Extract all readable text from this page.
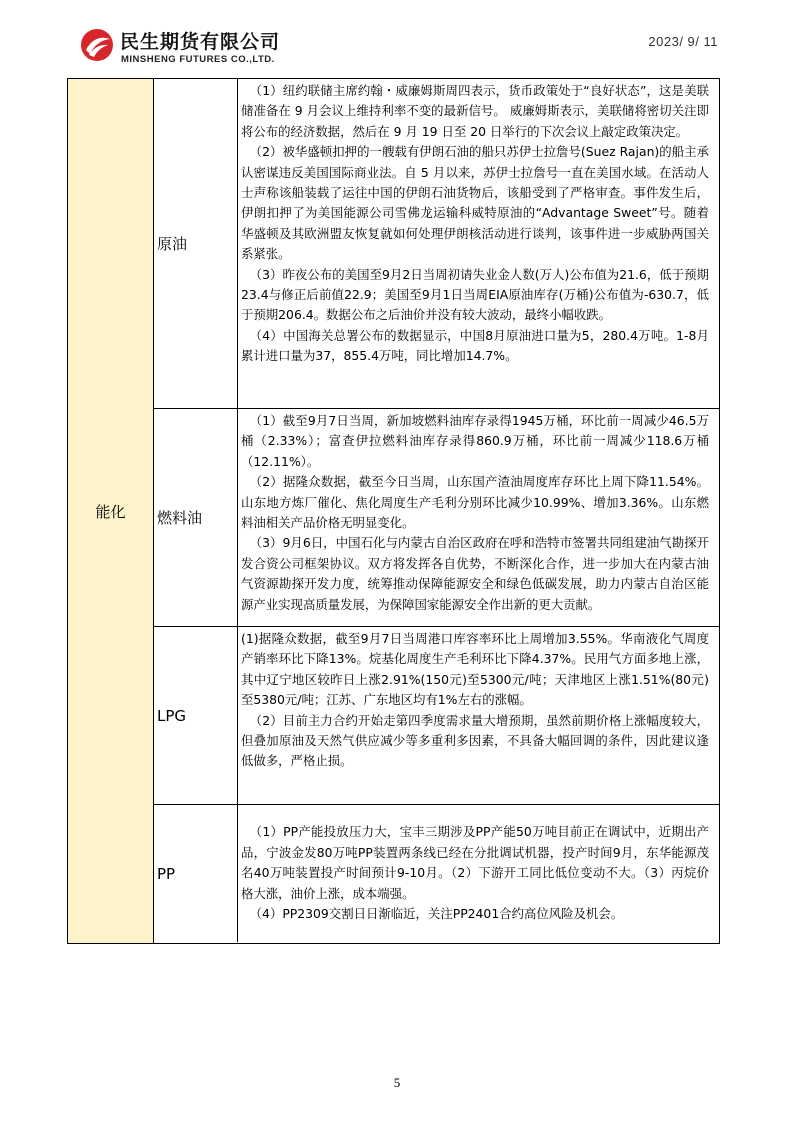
民生期货有限公司
MINSHENG FUTURES CO.,LTD.
2023/ 9/ 11
能化
原油

（1）纽约联储主席约翰・威廉姆斯周四表示，货币政策处于“良好状态”，这是美联储准备在 9 月会议上维持利率不变的最新信号。 威廉姆斯表示，美联储将密切关注即将公布的经济数据，然后在 9 月 19 日至 20 日举行的下次会议上敲定政策决定。

（2）被华盛顿扣押的一艘载有伊朗石油的船只苏伊士拉詹号(Suez Rajan)的船主承认密谋违反美国国际商业法。自 5 月以来，苏伊士拉詹号一直在美国水域。在活动人士声称该船装载了运往中国的伊朗石油货物后，该船受到了严格审查。事件发生后，伊朗扣押了为美国能源公司雪佛龙运输科威特原油的“Advantage Sweet”号。随着华盛顿及其欧洲盟友恢复就如何处理伊朗核活动进行谈判，该事件进一步威胁两国关系紧张。

（3）昨夜公布的美国至9月2日当周初请失业金人数(万人)公布值为21.6，低于预期23.4与修正后前值22.9；美国至9月1日当周EIA原油库存(万桶)公布值为-630.7，低于预期206.4。数据公布之后油价并没有较大波动，最终小幅收跌。

（4）中国海关总署公布的数据显示，中国8月原油进口量为5，280.4万吨。1-8月累计进口量为37，855.4万吨，同比增加14.7%。

燃料油

（1）截至9月7日当周，新加坡燃料油库存录得1945万桶，环比前一周减少46.5万桶（2.33%）；富查伊拉燃料油库存录得860.9万桶，环比前一周减少118.6万桶（12.11%）。

（2）据隆众数据，截至今日当周，山东国产渣油周度库存环比上周下降11.54%。山东地方炼厂催化、焦化周度生产毛利分别环比减少10.99%、增加3.36%。山东燃料油相关产品价格无明显变化。

（3）9月6日，中国石化与内蒙古自治区政府在呼和浩特市签署共同组建油气勘探开发合资公司框架协议。双方将发挥各自优势，不断深化合作，进一步加大在内蒙古油气资源勘探开发力度，统筹推动保障能源安全和绿色低碳发展，助力内蒙古自治区能源产业实现高质量发展，为保障国家能源安全作出新的更大贡献。

LPG

(1)据隆众数据，截至9月7日当周港口库容率环比上周增加3.55%。华南液化气周度产销率环比下降13%。烷基化周度生产毛利环比下降4.37%。民用气方面多地上涨，其中辽宁地区较昨日上涨2.91%(150元)至5300元/吨；天津地区上涨1.51%(80元)至5380元/吨；江苏、广东地区均有1%左右的涨幅。

（2）目前主力合约开始走第四季度需求量大增预期，虽然前期价格上涨幅度较大，但叠加原油及天然气供应减少等多重利多因素，不具备大幅回调的条件，因此建议逢低做多，严格止损。

PP

（1）PP产能投放压力大，宝丰三期涉及PP产能50万吨目前正在调试中，近期出产品，宁波金发80万吨PP装置两条线已经在分批调试机器，投产时间9月，东华能源茂名40万吨装置投产时间预计9-10月。（2）下游开工同比低位变动不大。（3）丙烷价格大涨，油价上涨，成本端强。

（4）PP2309交割日日渐临近，关注PP2401合约高位风险及机会。

5
